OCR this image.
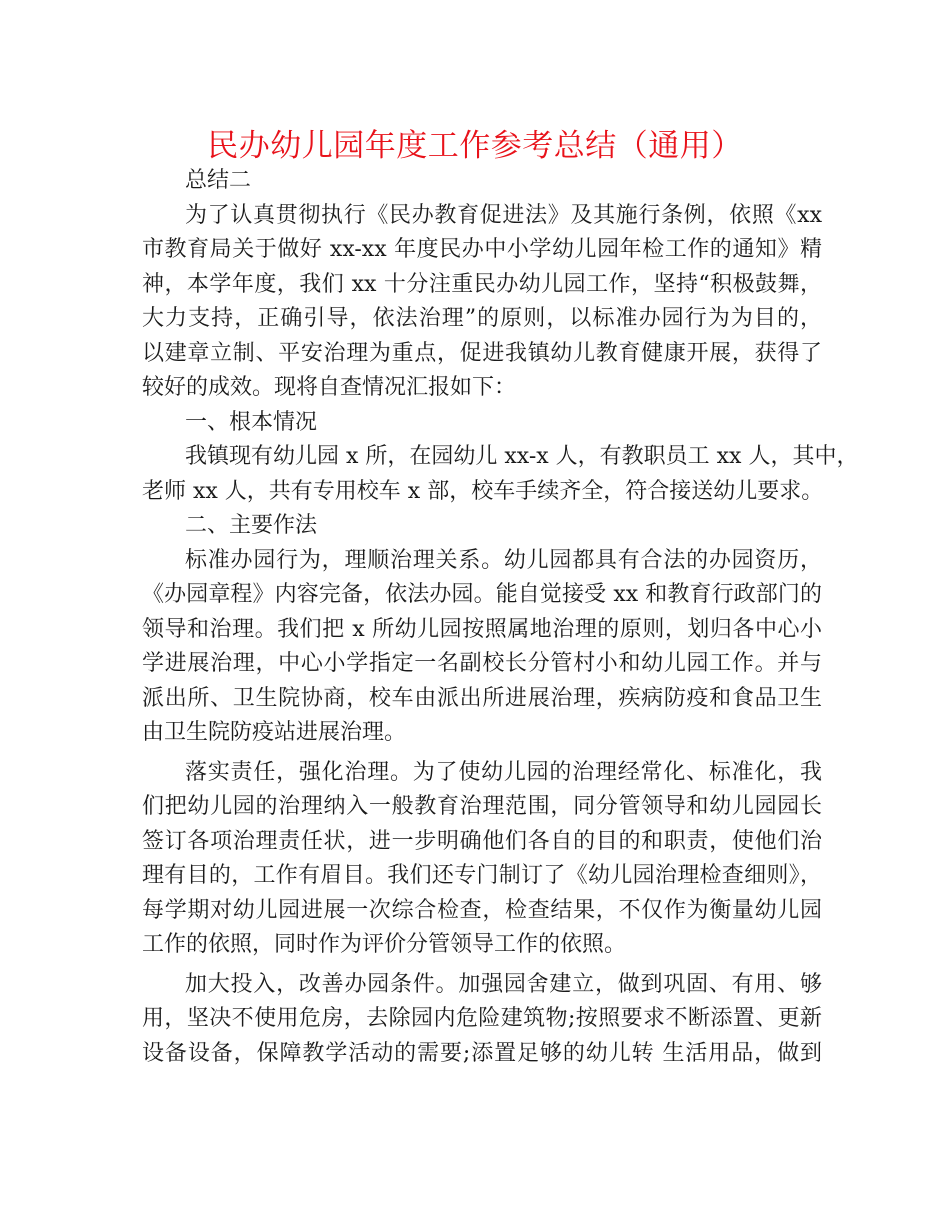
民办幼儿园年度工作参考总结（通用）
总结二
为了认真贯彻执行《民办教育促进法》及其施行条例，依照《xx
市教育局关于做好 xx-xx 年度民办中小学幼儿园年检工作的通知》精
神，本学年度，我们 xx 十分注重民办幼儿园工作，坚持“积极鼓舞，
大力支持，正确引导，依法治理”的原则，以标准办园行为为目的，
以建章立制、平安治理为重点，促进我镇幼儿教育健康开展，获得了
较好的成效。现将自查情况汇报如下：
一、根本情况
我镇现有幼儿园 x 所，在园幼儿 xx-x 人，有教职员工 xx 人，其中，
老师 xx 人，共有专用校车 x 部，校车手续齐全，符合接送幼儿要求。
二、主要作法
标准办园行为，理顺治理关系。幼儿园都具有合法的办园资历，
《办园章程》内容完备，依法办园。能自觉接受 xx 和教育行政部门的
领导和治理。我们把 x 所幼儿园按照属地治理的原则，划归各中心小
学进展治理，中心小学指定一名副校长分管村小和幼儿园工作。并与
派出所、卫生院协商，校车由派出所进展治理，疾病防疫和食品卫生
由卫生院防疫站进展治理。
落实责任，强化治理。为了使幼儿园的治理经常化、标准化，我
们把幼儿园的治理纳入一般教育治理范围，同分管领导和幼儿园园长
签订各项治理责任状，进一步明确他们各自的目的和职责，使他们治
理有目的，工作有眉目。我们还专门制订了《幼儿园治理检查细则》，
每学期对幼儿园进展一次综合检查，检查结果，不仅作为衡量幼儿园
工作的依照，同时作为评价分管领导工作的依照。
加大投入，改善办园条件。加强园舍建立，做到巩固、有用、够
用，坚决不使用危房，去除园内危险建筑物;按照要求不断添置、更新
设备设备，保障教学活动的需要;添置足够的幼儿转 生活用品，做到
